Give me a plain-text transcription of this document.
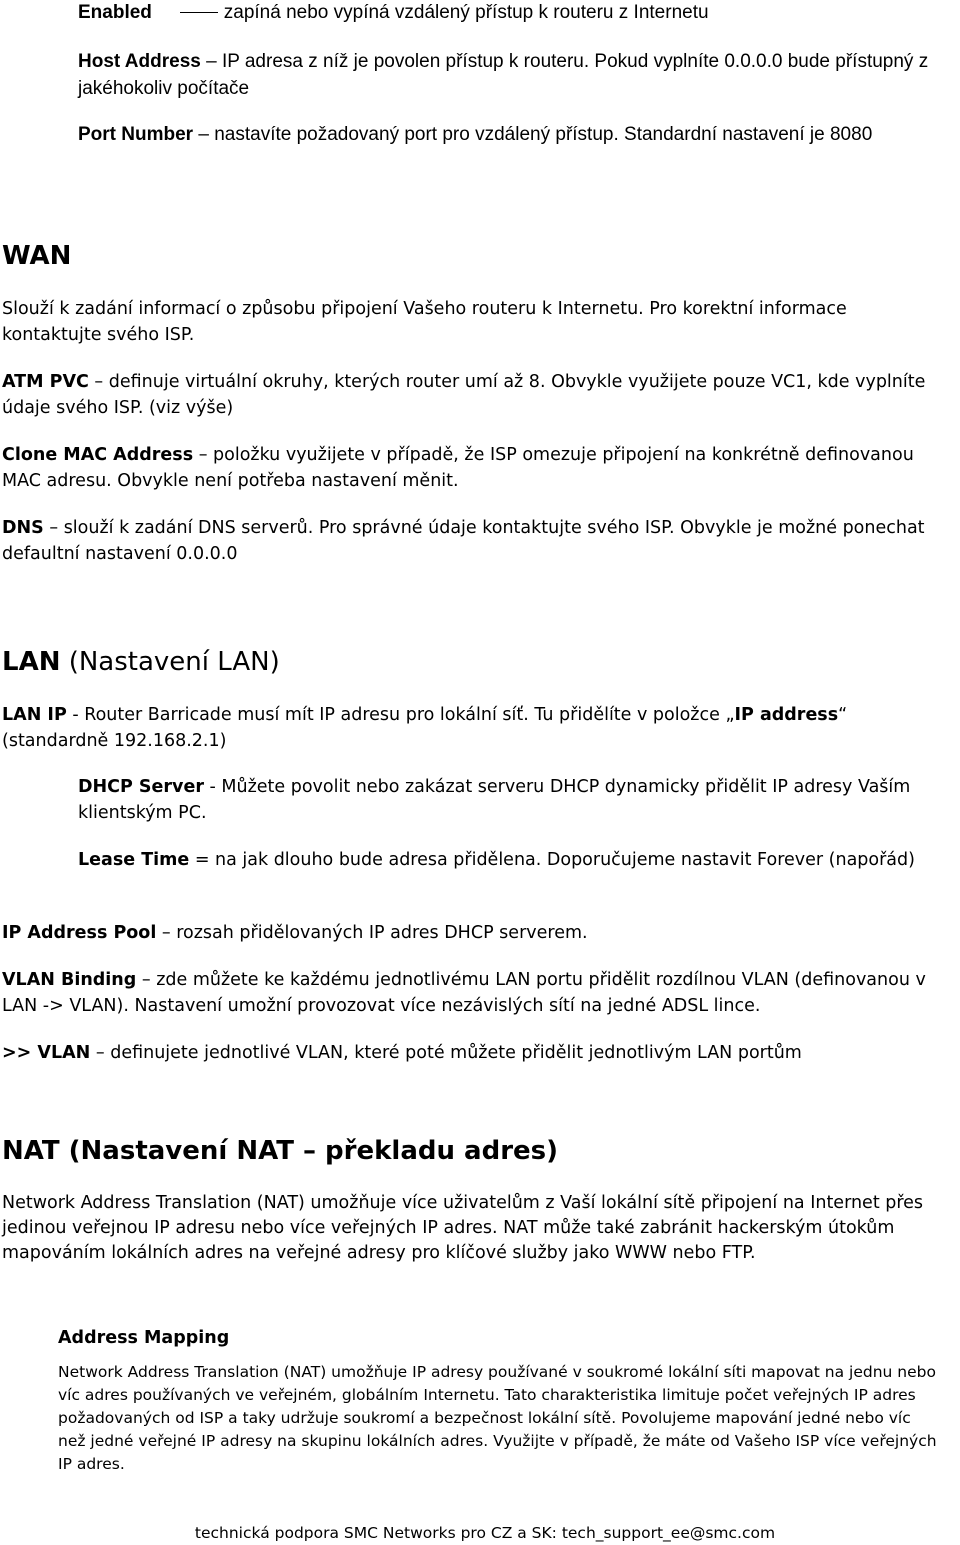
Enabled	zapíná nebo vypíná vzdálený přístup k routeru z Internetu
Host Address – IP adresa z níž je povolen přístup k routeru. Pokud vyplníte 0.0.0.0 bude přístupný z jakéhokoliv počítače
Port Number – nastavíte požadovaný port pro vzdálený přístup. Standardní nastavení je 8080
WAN
Slouží k zadání informací o způsobu připojení Vašeho routeru k Internetu. Pro korektní informace kontaktujte svého ISP.
ATM PVC – definuje virtuální okruhy, kterých router umí až 8. Obvykle využijete pouze VC1, kde vyplníte údaje svého ISP. (viz výše)
Clone MAC Address – položku využijete v případě, že ISP omezuje připojení na konkrétně definovanou MAC adresu. Obvykle není potřeba nastavení měnit.
DNS – slouží k zadání DNS serverů. Pro správné údaje kontaktujte svého ISP. Obvykle je možné ponechat defaultní nastavení 0.0.0.0
LAN (Nastavení LAN)
LAN IP - Router Barricade musí mít IP adresu pro lokální síť. Tu přidělíte v položce „IP address“ (standardně 192.168.2.1)
DHCP Server - Můžete povolit nebo zakázat serveru DHCP dynamicky přidělit IP adresy Vaším klientským PC.
Lease Time = na jak dlouho bude adresa přidělena. Doporučujeme nastavit Forever (napořád)
IP Address Pool – rozsah přidělovaných IP adres DHCP serverem.
VLAN Binding – zde můžete ke každému jednotlivému LAN portu přidělit rozdílnou VLAN (definovanou v LAN -> VLAN). Nastavení umožní provozovat více nezávislých sítí na jedné ADSL lince.
>> VLAN – definujete jednotlivé VLAN, které poté můžete přidělit jednotlivým LAN portům
NAT (Nastavení NAT – překladu adres)
Network Address Translation (NAT) umožňuje více uživatelům z Vaší lokální sítě připojení na Internet přes jedinou veřejnou IP adresu nebo více veřejných IP adres. NAT může také zabránit hackerským útokům mapováním lokálních adres na veřejné adresy pro klíčové služby jako WWW nebo FTP.
Address Mapping
Network Address Translation (NAT) umožňuje IP adresy používané v soukromé lokální síti mapovat na jednu nebo víc adres používaných ve veřejném, globálním Internetu. Tato charakteristika limituje počet veřejných IP adres požadovaných od ISP a taky udržuje soukromí a bezpečnost lokální sítě. Povolujeme mapování jedné nebo víc než jedné veřejné IP adresy na skupinu lokálních adres. Využijte v případě, že máte od Vašeho ISP více veřejných IP adres.
technická podpora SMC Networks pro CZ a SK: tech_support_ee@smc.com
